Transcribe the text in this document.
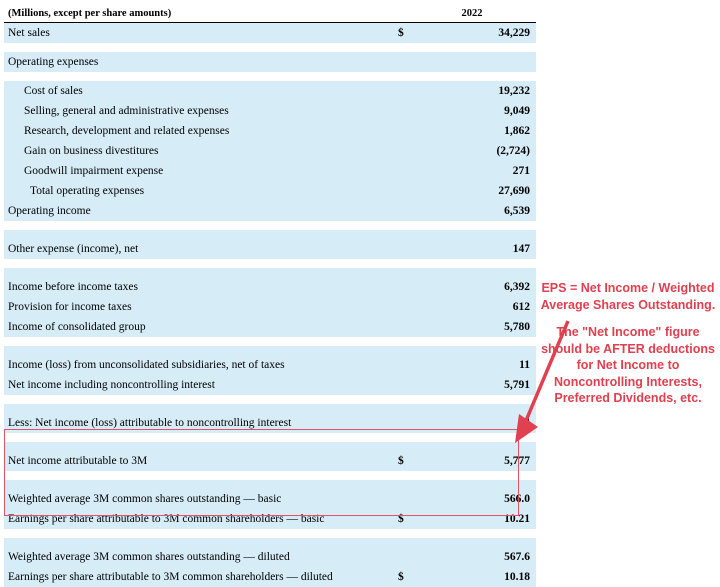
(Millions, except per share amounts)		2022
Net sales	$	34,229

Operating expenses		

Cost of sales		19,232
Selling, general and administrative expenses		9,049
Research, development and related expenses		1,862
Gain on business divestitures		(2,724)
Goodwill impairment expense		271
Total operating expenses		27,690
Operating income		6,539

Other expense (income), net		147

Income before income taxes		6,392
Provision for income taxes		612
Income of consolidated group		5,780

Income (loss) from unconsolidated subsidiaries, net of taxes		11
Net income including noncontrolling interest		5,791

Less: Net income (loss) attributable to noncontrolling interest		

Net income attributable to 3M	$	5,777

Weighted average 3M common shares outstanding — basic		566.0
Earnings per share attributable to 3M common shareholders — basic	$	10.21

Weighted average 3M common shares outstanding — diluted		567.6
Earnings per share attributable to 3M common shareholders — diluted	$	10.18

EPS = Net Income / Weighted Average Shares Outstanding.

The "Net Income" figure should be AFTER deductions for Net Income to Noncontrolling Interests, Preferred Dividends, etc.
